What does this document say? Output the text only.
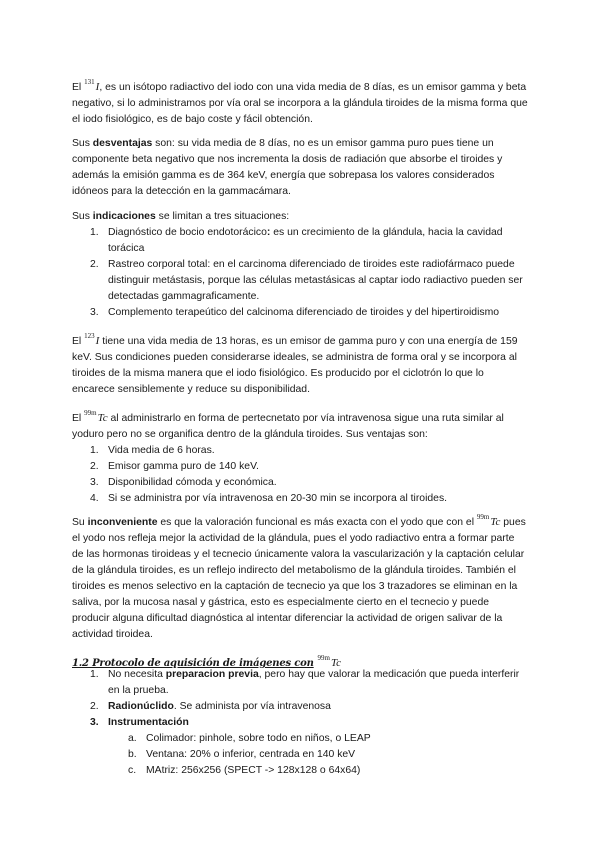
El $^{131}$I, es un isótopo radiactivo del iodo con una vida media de 8 días, es un emisor gamma y beta negativo, si lo administramos por vía oral se incorpora a la glándula tiroides de la misma forma que el iodo fisiológico, es de bajo coste y fácil obtención.
Sus desventajas son: su vida media de 8 días, no es un emisor gamma puro pues tiene un componente beta negativo que nos incrementa la dosis de radiación que absorbe el tiroides y además la emisión gamma es de 364 keV, energía que sobrepasa los valores considerados idóneos para la detección en la gammacámara.
Sus indicaciones se limitan a tres situaciones:
1. Diagnóstico de bocio endotorácico: es un crecimiento de la glándula, hacia la cavidad torácica
2. Rastreo corporal total: en el carcinoma diferenciado de tiroides este radiofármaco puede distinguir metástasis, porque las células metastásicas al captar iodo radiactivo pueden ser detectadas gammagraficamente.
3. Complemento terapeútico del calcinoma diferenciado de tiroides y del hipertiroidismo
El $^{123}$I tiene una vida media de 13 horas, es un emisor de gamma puro y con una energía de 159 keV. Sus condiciones pueden considerarse ideales, se administra de forma oral y se incorpora al tiroides de la misma manera que el iodo fisiológico. Es producido por el ciclotrón lo que lo encarece sensiblemente y reduce su disponibilidad.
El $^{99m}$Tc al administrarlo en forma de pertecnetato por vía intravenosa sigue una ruta similar al yoduro pero no se organifica dentro de la glándula tiroides. Sus ventajas son:
1. Vida media de 6 horas.
2. Emisor gamma puro de 140 keV.
3. Disponibilidad cómoda y económica.
4. Si se administra por vía intravenosa en 20-30 min se incorpora al tiroides.
Su inconveniente es que la valoración funcional es más exacta con el yodo que con el $^{99m}$Tc pues el yodo nos refleja mejor la actividad de la glándula, pues el yodo radiactivo entra a formar parte de las hormonas tiroideas y el tecnecio únicamente valora la vascularización y la captación celular de la glándula tiroides, es un reflejo indirecto del metabolismo de la glándula tiroides. También el tiroides es menos selectivo en la captación de tecnecio ya que los 3 trazadores se eliminan en la saliva, por la mucosa nasal y gástrica, esto es especialmente cierto en el tecnecio y puede producir alguna dificultad diagnóstica al intentar diferenciar la actividad de origen salivar de la actividad tiroidea.
1.2 Protocolo de aquisición de imágenes con $^{99m}$Tc
1. No necesita preparacion previa, pero hay que valorar la medicación que pueda interferir en la prueba.
2. Radionúclido. Se administa por vía intravenosa
3. Instrumentación
a. Colimador: pinhole, sobre todo en niños, o LEAP
b. Ventana: 20% o inferior, centrada en 140 keV
c. MAtriz: 256x256 (SPECT -> 128x128 o 64x64)
